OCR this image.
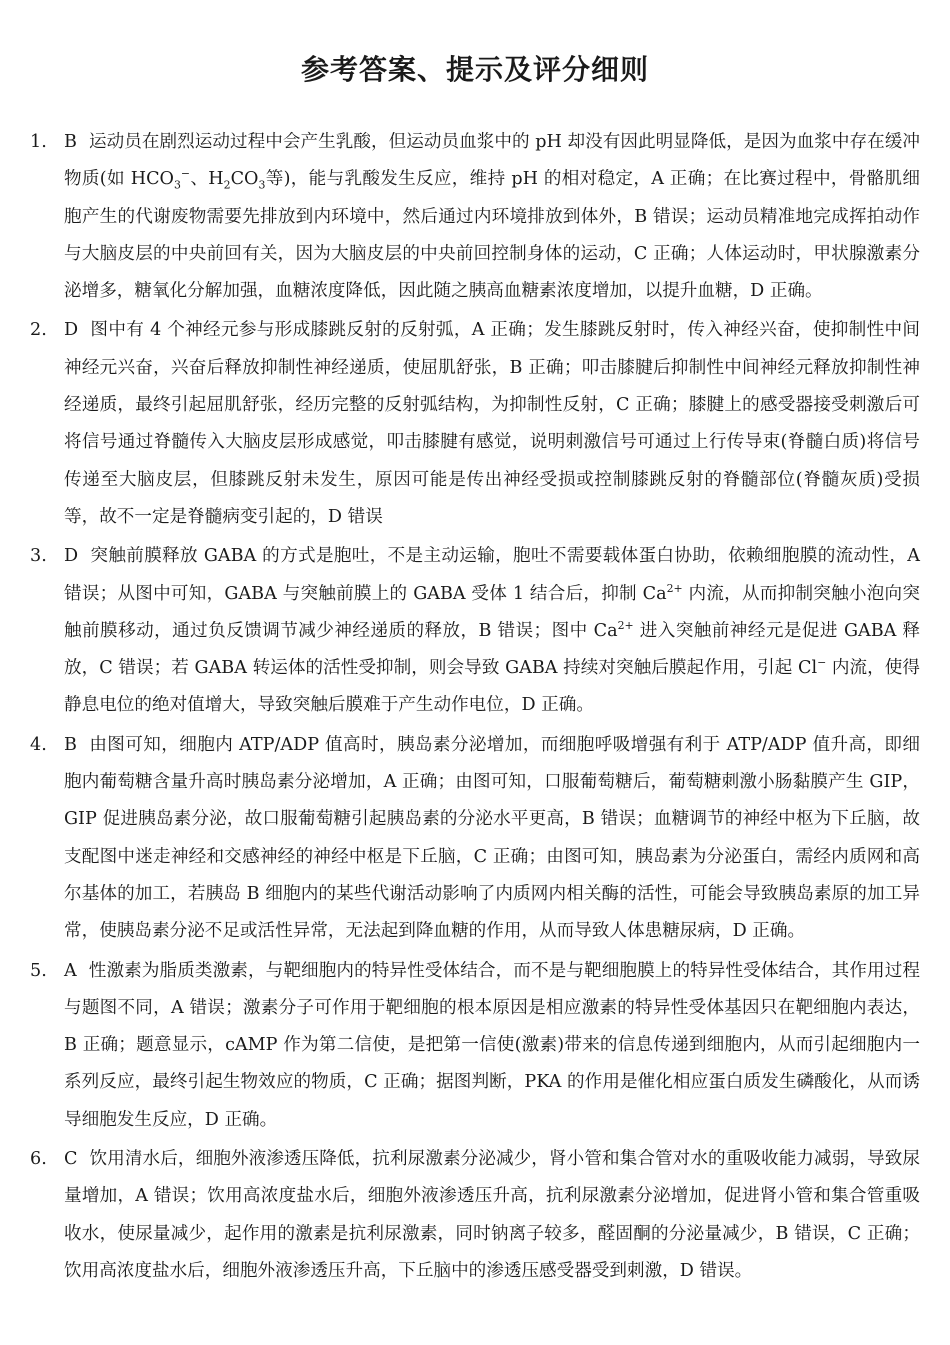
参考答案、提示及评分细则

1. B 运动员在剧烈运动过程中会产生乳酸，但运动员血浆中的 pH 却没有因此明显降低，是因为血浆中存在缓冲物质(如 $HCO_3^-$、$H_2CO_3$等)，能与乳酸发生反应，维持 pH 的相对稳定，A 正确；在比赛过程中，骨骼肌细胞产生的代谢废物需要先排放到内环境中，然后通过内环境排放到体外，B 错误；运动员精准地完成挥拍动作与大脑皮层的中央前回有关，因为大脑皮层的中央前回控制身体的运动，C 正确；人体运动时，甲状腺激素分泌增多，糖氧化分解加强，血糖浓度降低，因此随之胰高血糖素浓度增加，以提升血糖，D 正确。

2. D 图中有 4 个神经元参与形成膝跳反射的反射弧，A 正确；发生膝跳反射时，传入神经兴奋，使抑制性中间神经元兴奋，兴奋后释放抑制性神经递质，使屈肌舒张，B 正确；叩击膝腱后抑制性中间神经元释放抑制性神经递质，最终引起屈肌舒张，经历完整的反射弧结构，为抑制性反射，C 正确；膝腱上的感受器接受刺激后可将信号通过脊髓传入大脑皮层形成感觉，叩击膝腱有感觉，说明刺激信号可通过上行传导束(脊髓白质)将信号传递至大脑皮层，但膝跳反射未发生，原因可能是传出神经受损或控制膝跳反射的脊髓部位(脊髓灰质)受损等，故不一定是脊髓病变引起的，D 错误

3. D 突触前膜释放 GABA 的方式是胞吐，不是主动运输，胞吐不需要载体蛋白协助，依赖细胞膜的流动性，A 错误；从图中可知，GABA 与突触前膜上的 GABA 受体 1 结合后，抑制 $Ca^{2+}$ 内流，从而抑制突触小泡向突触前膜移动，通过负反馈调节减少神经递质的释放，B 错误；图中 $Ca^{2+}$ 进入突触前神经元是促进 GABA 释放，C 错误；若 GABA 转运体的活性受抑制，则会导致 GABA 持续对突触后膜起作用，引起 Cl− 内流，使得静息电位的绝对值增大，导致突触后膜难于产生动作电位，D 正确。

4. B 由图可知，细胞内 ATP/ADP 值高时，胰岛素分泌增加，而细胞呼吸增强有利于 ATP/ADP 值升高，即细胞内葡萄糖含量升高时胰岛素分泌增加，A 正确；由图可知，口服葡萄糖后，葡萄糖刺激小肠黏膜产生 GIP，GIP 促进胰岛素分泌，故口服葡萄糖引起胰岛素的分泌水平更高，B 错误；血糖调节的神经中枢为下丘脑，故支配图中迷走神经和交感神经的神经中枢是下丘脑，C 正确；由图可知，胰岛素为分泌蛋白，需经内质网和高尔基体的加工，若胰岛 B 细胞内的某些代谢活动影响了内质网内相关酶的活性，可能会导致胰岛素原的加工异常，使胰岛素分泌不足或活性异常，无法起到降血糖的作用，从而导致人体患糖尿病，D 正确。

5. A 性激素为脂质类激素，与靶细胞内的特异性受体结合，而不是与靶细胞膜上的特异性受体结合，其作用过程与题图不同，A 错误；激素分子可作用于靶细胞的根本原因是相应激素的特异性受体基因只在靶细胞内表达，B 正确；题意显示，cAMP 作为第二信使，是把第一信使(激素)带来的信息传递到细胞内，从而引起细胞内一系列反应，最终引起生物效应的物质，C 正确；据图判断，PKA 的作用是催化相应蛋白质发生磷酸化，从而诱导细胞发生反应，D 正确。

6. C 饮用清水后，细胞外液渗透压降低，抗利尿激素分泌减少，肾小管和集合管对水的重吸收能力减弱，导致尿量增加，A 错误；饮用高浓度盐水后，细胞外液渗透压升高，抗利尿激素分泌增加，促进肾小管和集合管重吸收水，使尿量减少，起作用的激素是抗利尿激素，同时钠离子较多，醛固酮的分泌量减少，B 错误，C 正确；饮用高浓度盐水后，细胞外液渗透压升高，下丘脑中的渗透压感受器受到刺激，D 错误。
